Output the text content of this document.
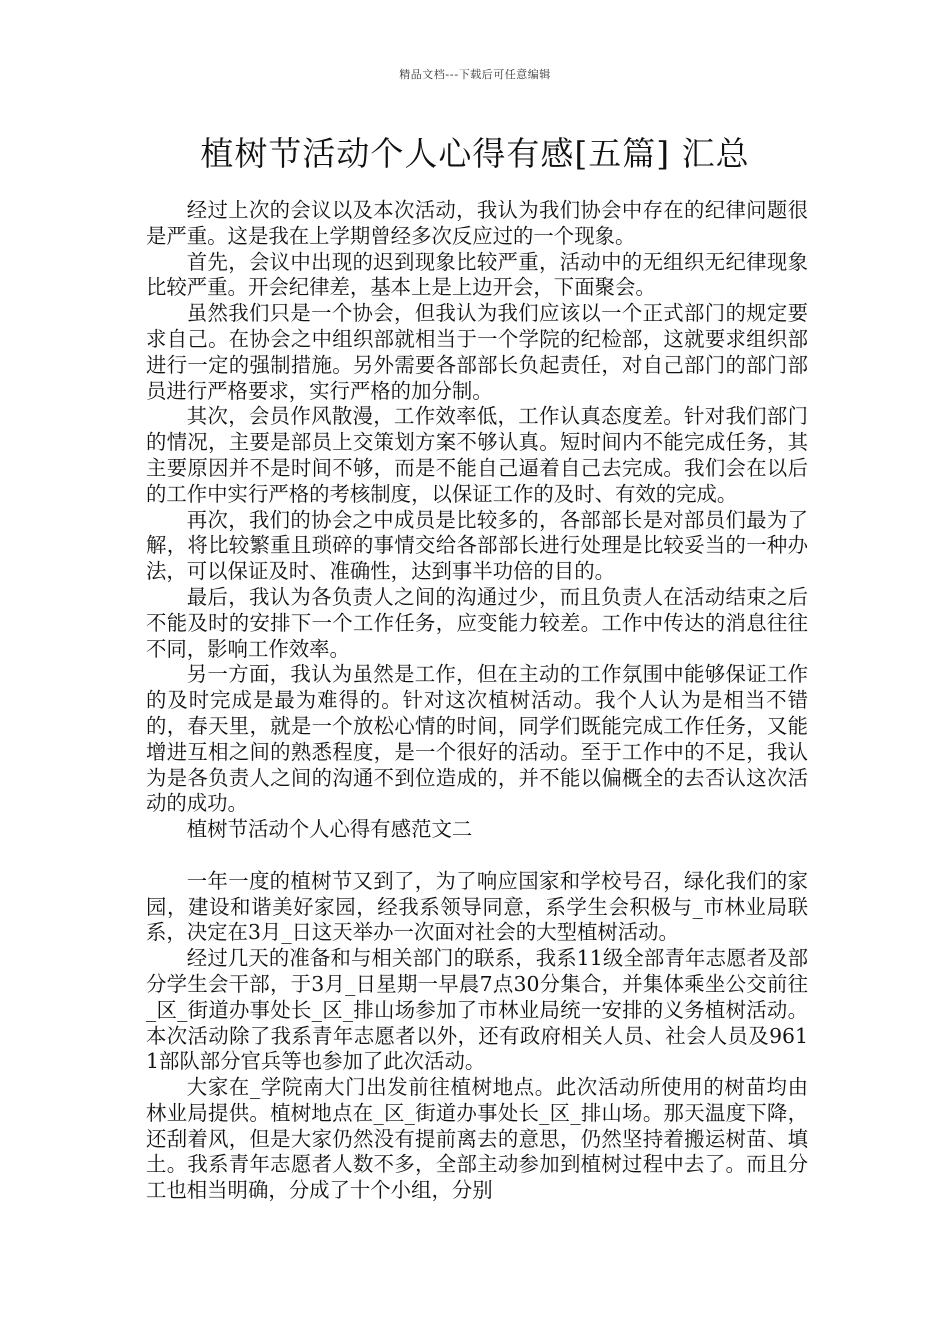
精品文档---下载后可任意编辑
植树节活动个人心得有感[五篇] 汇总

经过上次的会议以及本次活动，我认为我们协会中存在的纪律问题很是严重。这是我在上学期曾经多次反应过的一个现象。

首先，会议中出现的迟到现象比较严重，活动中的无组织无纪律现象比较严重。开会纪律差，基本上是上边开会，下面聚会。

虽然我们只是一个协会，但我认为我们应该以一个正式部门的规定要求自己。在协会之中组织部就相当于一个学院的纪检部，这就要求组织部进行一定的强制措施。另外需要各部部长负起责任，对自己部门的部门部员进行严格要求，实行严格的加分制。

其次，会员作风散漫，工作效率低，工作认真态度差。针对我们部门的情况，主要是部员上交策划方案不够认真。短时间内不能完成任务，其主要原因并不是时间不够，而是不能自己逼着自己去完成。我们会在以后的工作中实行严格的考核制度，以保证工作的及时、有效的完成。

再次，我们的协会之中成员是比较多的，各部部长是对部员们最为了解，将比较繁重且琐碎的事情交给各部部长进行处理是比较妥当的一种办法，可以保证及时、准确性，达到事半功倍的目的。

最后，我认为各负责人之间的沟通过少，而且负责人在活动结束之后不能及时的安排下一个工作任务，应变能力较差。工作中传达的消息往往不同，影响工作效率。

另一方面，我认为虽然是工作，但在主动的工作氛围中能够保证工作的及时完成是最为难得的。针对这次植树活动。我个人认为是相当不错的，春天里，就是一个放松心情的时间，同学们既能完成工作任务，又能增进互相之间的熟悉程度，是一个很好的活动。至于工作中的不足，我认为是各负责人之间的沟通不到位造成的，并不能以偏概全的去否认这次活动的成功。

植树节活动个人心得有感范文二

一年一度的植树节又到了，为了响应国家和学校号召，绿化我们的家园，建设和谐美好家园，经我系领导同意，系学生会积极与_市林业局联系，决定在3月_日这天举办一次面对社会的大型植树活动。

经过几天的准备和与相关部门的联系，我系11级全部青年志愿者及部分学生会干部，于3月_日星期一早晨7点30分集合，并集体乘坐公交前往_区_街道办事处长_区_排山场参加了市林业局统一安排的义务植树活动。本次活动除了我系青年志愿者以外，还有政府相关人员、社会人员及9611部队部分官兵等也参加了此次活动。

大家在_学院南大门出发前往植树地点。此次活动所使用的树苗均由林业局提供。植树地点在_区_街道办事处长_区_排山场。那天温度下降，还刮着风，但是大家仍然没有提前离去的意思，仍然坚持着搬运树苗、填土。我系青年志愿者人数不多，全部主动参加到植树过程中去了。而且分工也相当明确，分成了十个小组，分别
